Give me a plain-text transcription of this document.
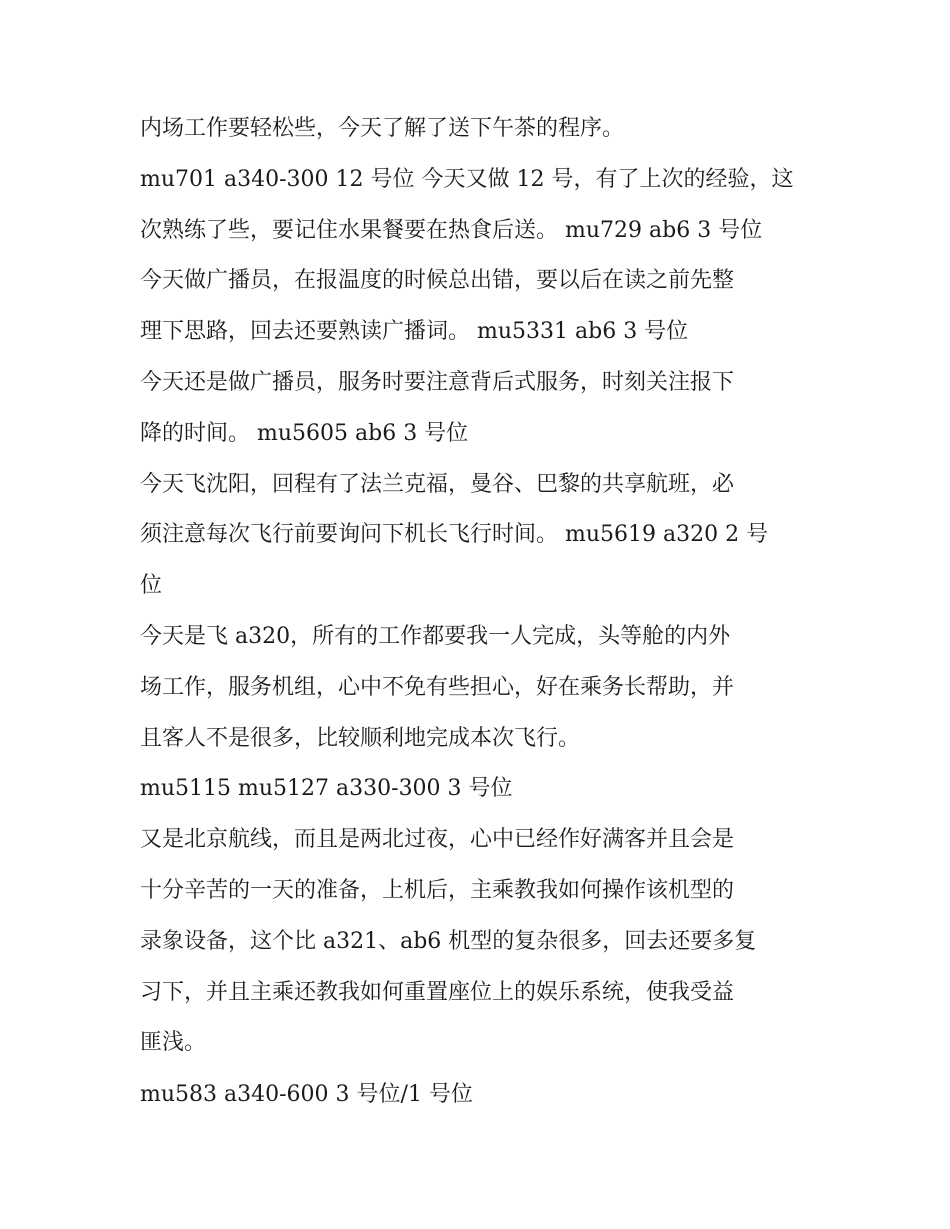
内场工作要轻松些，今天了解了送下午茶的程序。
mu701 a340-300 12 号位 今天又做 12 号，有了上次的经验，这
次熟练了些，要记住水果餐要在热食后送。 mu729 ab6 3 号位
今天做广播员，在报温度的时候总出错，要以后在读之前先整
理下思路，回去还要熟读广播词。 mu5331 ab6 3 号位
今天还是做广播员，服务时要注意背后式服务，时刻关注报下
降的时间。 mu5605 ab6 3 号位
今天飞沈阳，回程有了法兰克福，曼谷、巴黎的共享航班，必
须注意每次飞行前要询问下机长飞行时间。 mu5619 a320 2 号
位
今天是飞 a320，所有的工作都要我一人完成，头等舱的内外
场工作，服务机组，心中不免有些担心，好在乘务长帮助，并
且客人不是很多，比较顺利地完成本次飞行。
mu5115 mu5127 a330-300 3 号位
又是北京航线，而且是两北过夜，心中已经作好满客并且会是
十分辛苦的一天的准备，上机后，主乘教我如何操作该机型的
录象设备，这个比 a321、ab6 机型的复杂很多，回去还要多复
习下，并且主乘还教我如何重置座位上的娱乐系统，使我受益
匪浅。
mu583 a340-600 3 号位/1 号位
